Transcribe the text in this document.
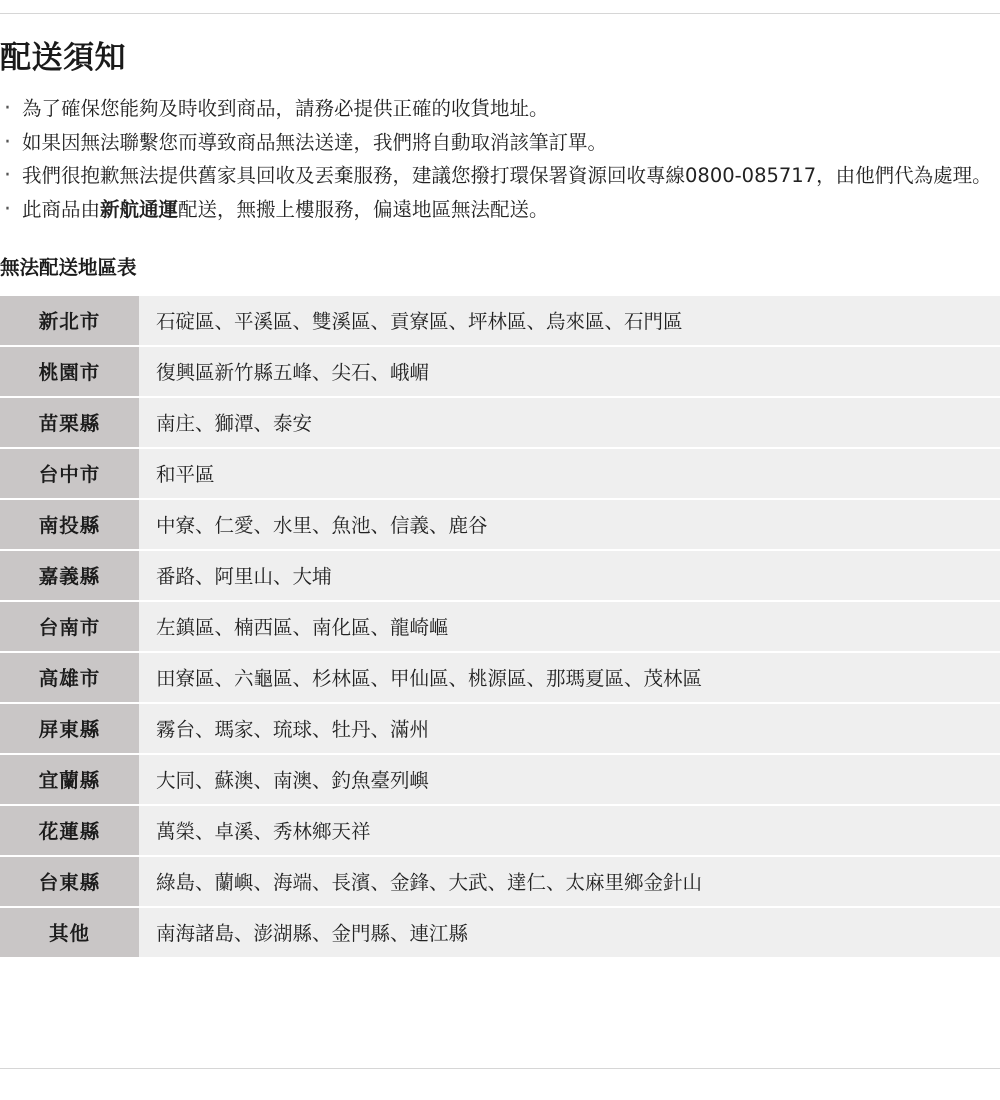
配送須知
· 為了確保您能夠及時收到商品，請務必提供正確的收貨地址。
· 如果因無法聯繫您而導致商品無法送達，我們將自動取消該筆訂單。
· 我們很抱歉無法提供舊家具回收及丟棄服務，建議您撥打環保署資源回收專線0800-085717，由他們代為處理。
· 此商品由新航通運配送，無搬上樓服務，偏遠地區無法配送。
無法配送地區表
新北市	石碇區、平溪區、雙溪區、貢寮區、坪林區、烏來區、石門區
桃園市	復興區新竹縣五峰、尖石、峨嵋
苗栗縣	南庄、獅潭、泰安
台中市	和平區
南投縣	中寮、仁愛、水里、魚池、信義、鹿谷
嘉義縣	番路、阿里山、大埔
台南市	左鎮區、楠西區、南化區、龍崎嶇
高雄市	田寮區、六龜區、杉林區、甲仙區、桃源區、那瑪夏區、茂林區
屏東縣	霧台、瑪家、琉球、牡丹、滿州
宜蘭縣	大同、蘇澳、南澳、釣魚臺列嶼
花蓮縣	萬榮、卓溪、秀林鄉天祥
台東縣	綠島、蘭嶼、海端、長濱、金鋒、大武、達仁、太麻里鄉金針山
其他	南海諸島、澎湖縣、金門縣、連江縣
